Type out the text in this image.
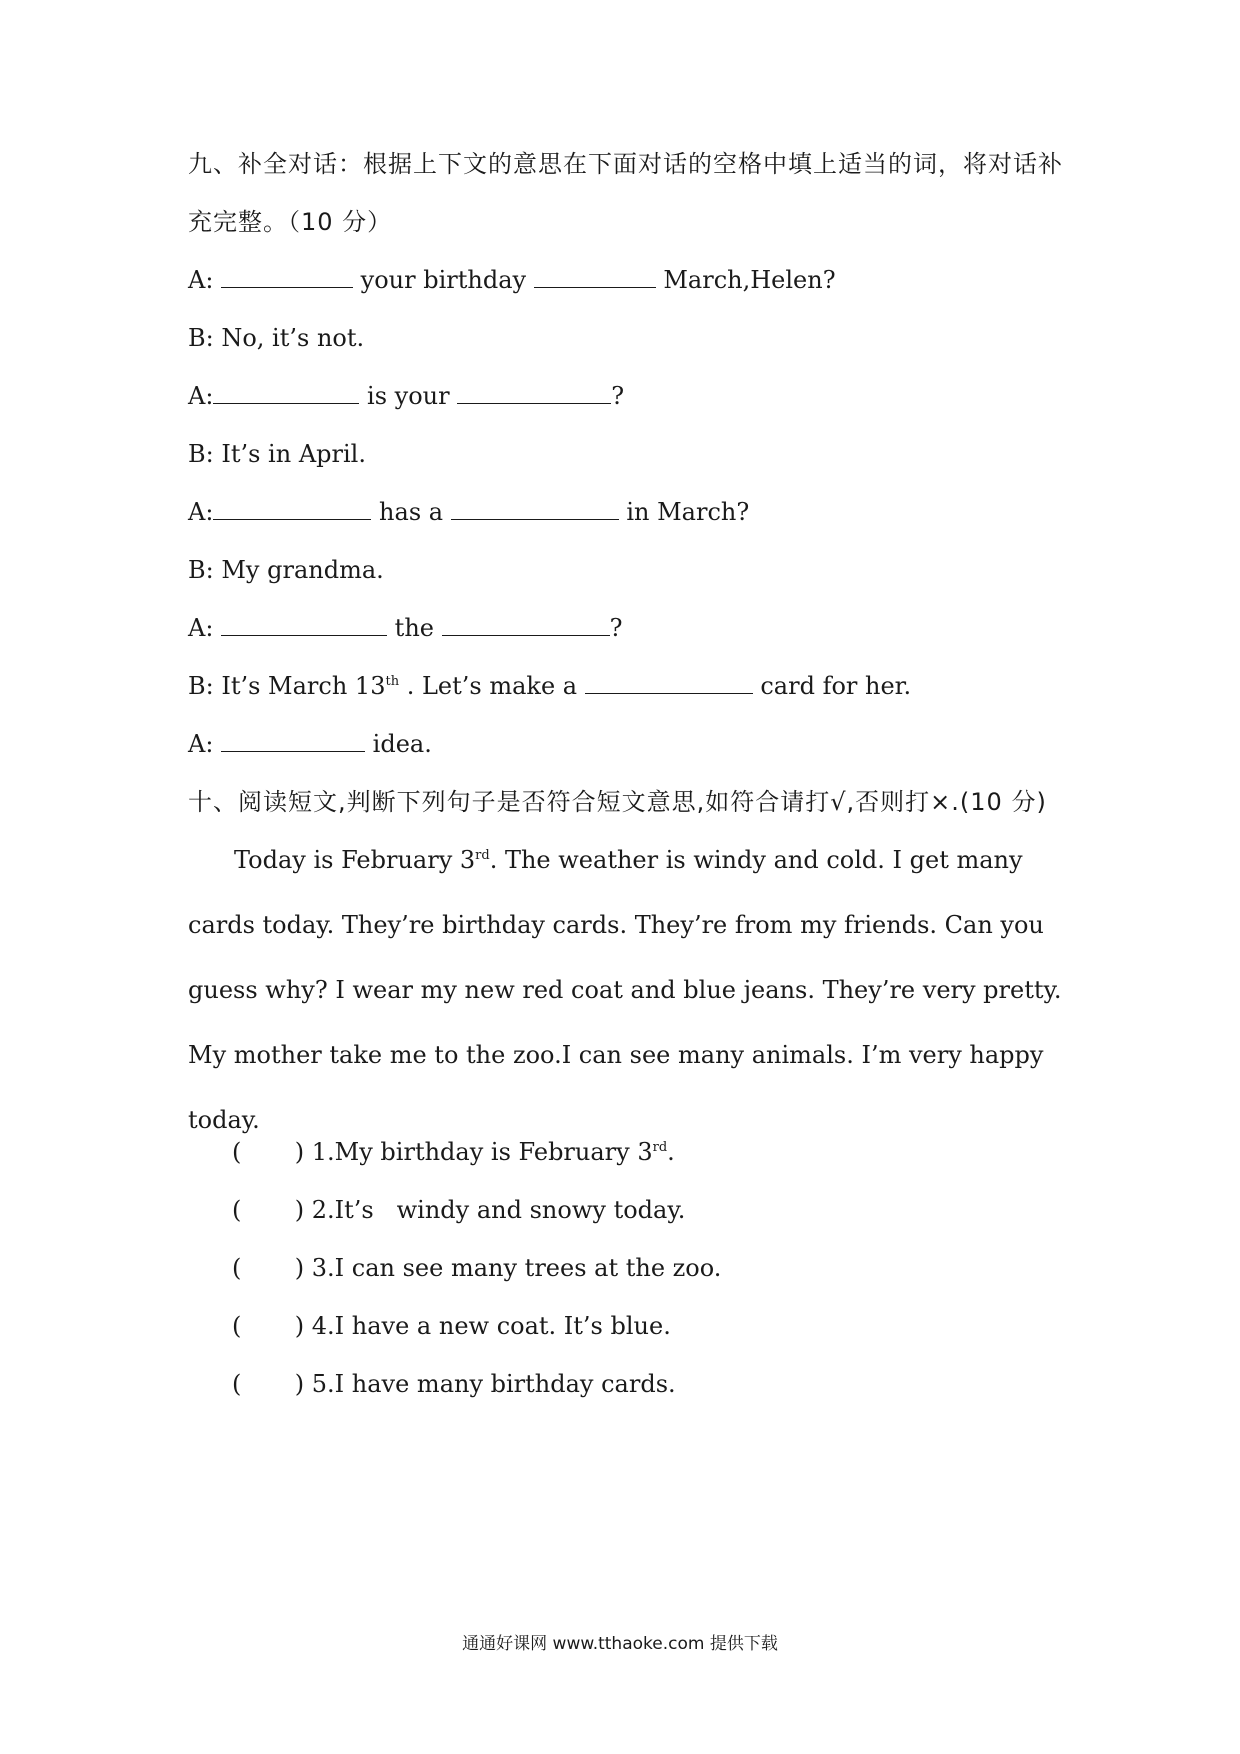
九、补全对话：根据上下文的意思在下面对话的空格中填上适当的词，将对话补
充完整。（10 分）
A:	your birthday	March,Helen?
B: No, it’s not.
A:	is your	?
B: It’s in April.
A:	has a	in March?
B: My grandma.
A:	the	?
B: It’s March 13th . Let’s make a	card for her.
A:	idea.
十、阅读短文,判断下列句子是否符合短文意思,如符合请打√,否则打×.(10 分)
Today is February 3rd. The weather is windy and cold. I get many cards today. They’re birthday cards. They’re from my friends. Can you guess why? I wear my new red coat and blue jeans. They’re very pretty. My mother take me to the zoo.I can see many animals. I’m very happy today.
(       ) 1.My birthday is February 3rd.
(       ) 2.It’s   windy and snowy today.
(       ) 3.I can see many trees at the zoo.
(       ) 4.I have a new coat. It’s blue.
(       ) 5.I have many birthday cards.
通通好课网 www.tthaoke.com 提供下载
